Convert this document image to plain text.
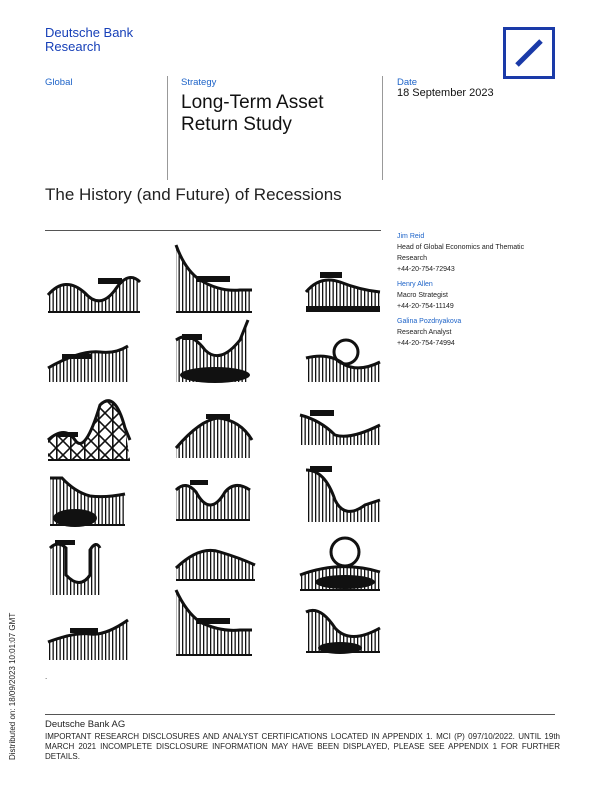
Deutsche Bank
Research
Global	Strategy
Long-Term Asset
Return Study
Date
18 September 2023
The History (and Future) of Recessions
Jim Reid
Head of Global Economics and Thematic Research
+44-20-754-72943
Henry Allen
Macro Strategist
+44-20-754-11149
Galina Pozdnyakova
Research Analyst
+44-20-754-74994
.
Deutsche Bank AG
IMPORTANT RESEARCH DISCLOSURES AND ANALYST CERTIFICATIONS LOCATED IN APPENDIX 1. MCI (P) 097/10/2022. UNTIL 19th MARCH 2021 INCOMPLETE DISCLOSURE INFORMATION MAY HAVE BEEN DISPLAYED, PLEASE SEE APPENDIX 1 FOR FURTHER DETAILS.
Distributed on: 18/09/2023 10:01:07 GMT
